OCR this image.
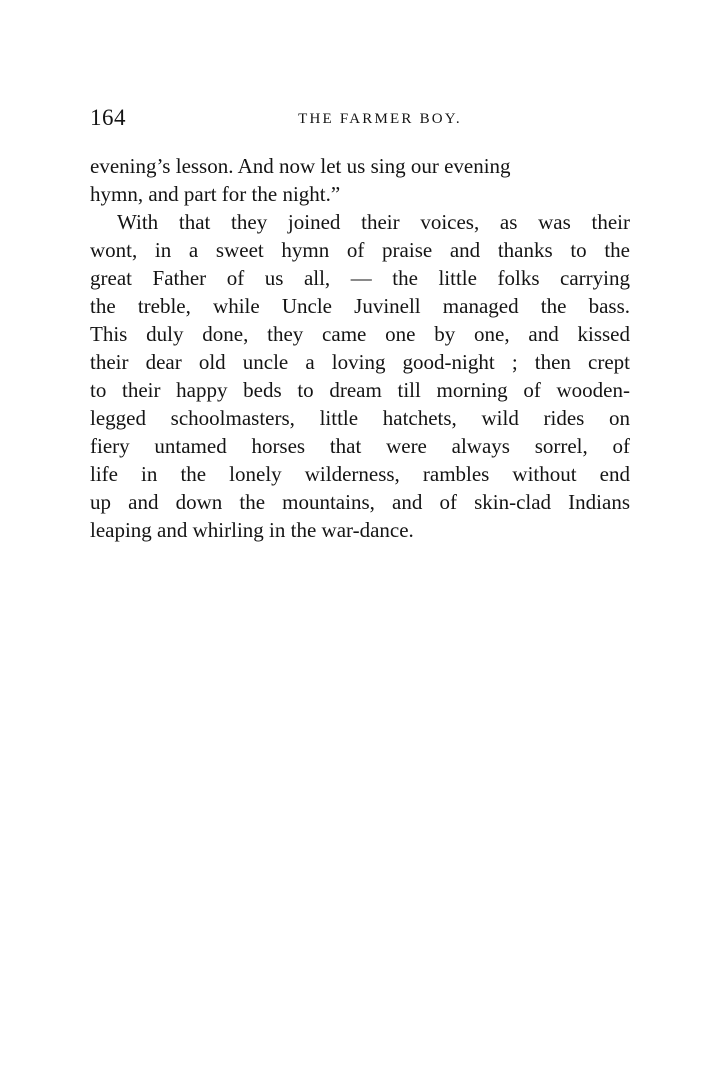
164	THE FARMER BOY.
evening’s lesson. And now let us sing our evening
hymn, and part for the night.”
With that they joined their voices, as was their
wont, in a sweet hymn of praise and thanks to the
great Father of us all, — the little folks carrying
the treble, while Uncle Juvinell managed the bass.
This duly done, they came one by one, and kissed
their dear old uncle a loving good-night ; then crept
to their happy beds to dream till morning of wooden-
legged schoolmasters, little hatchets, wild rides on
fiery untamed horses that were always sorrel, of
life in the lonely wilderness, rambles without end
up and down the mountains, and of skin-clad Indians
leaping and whirling in the war-dance.
